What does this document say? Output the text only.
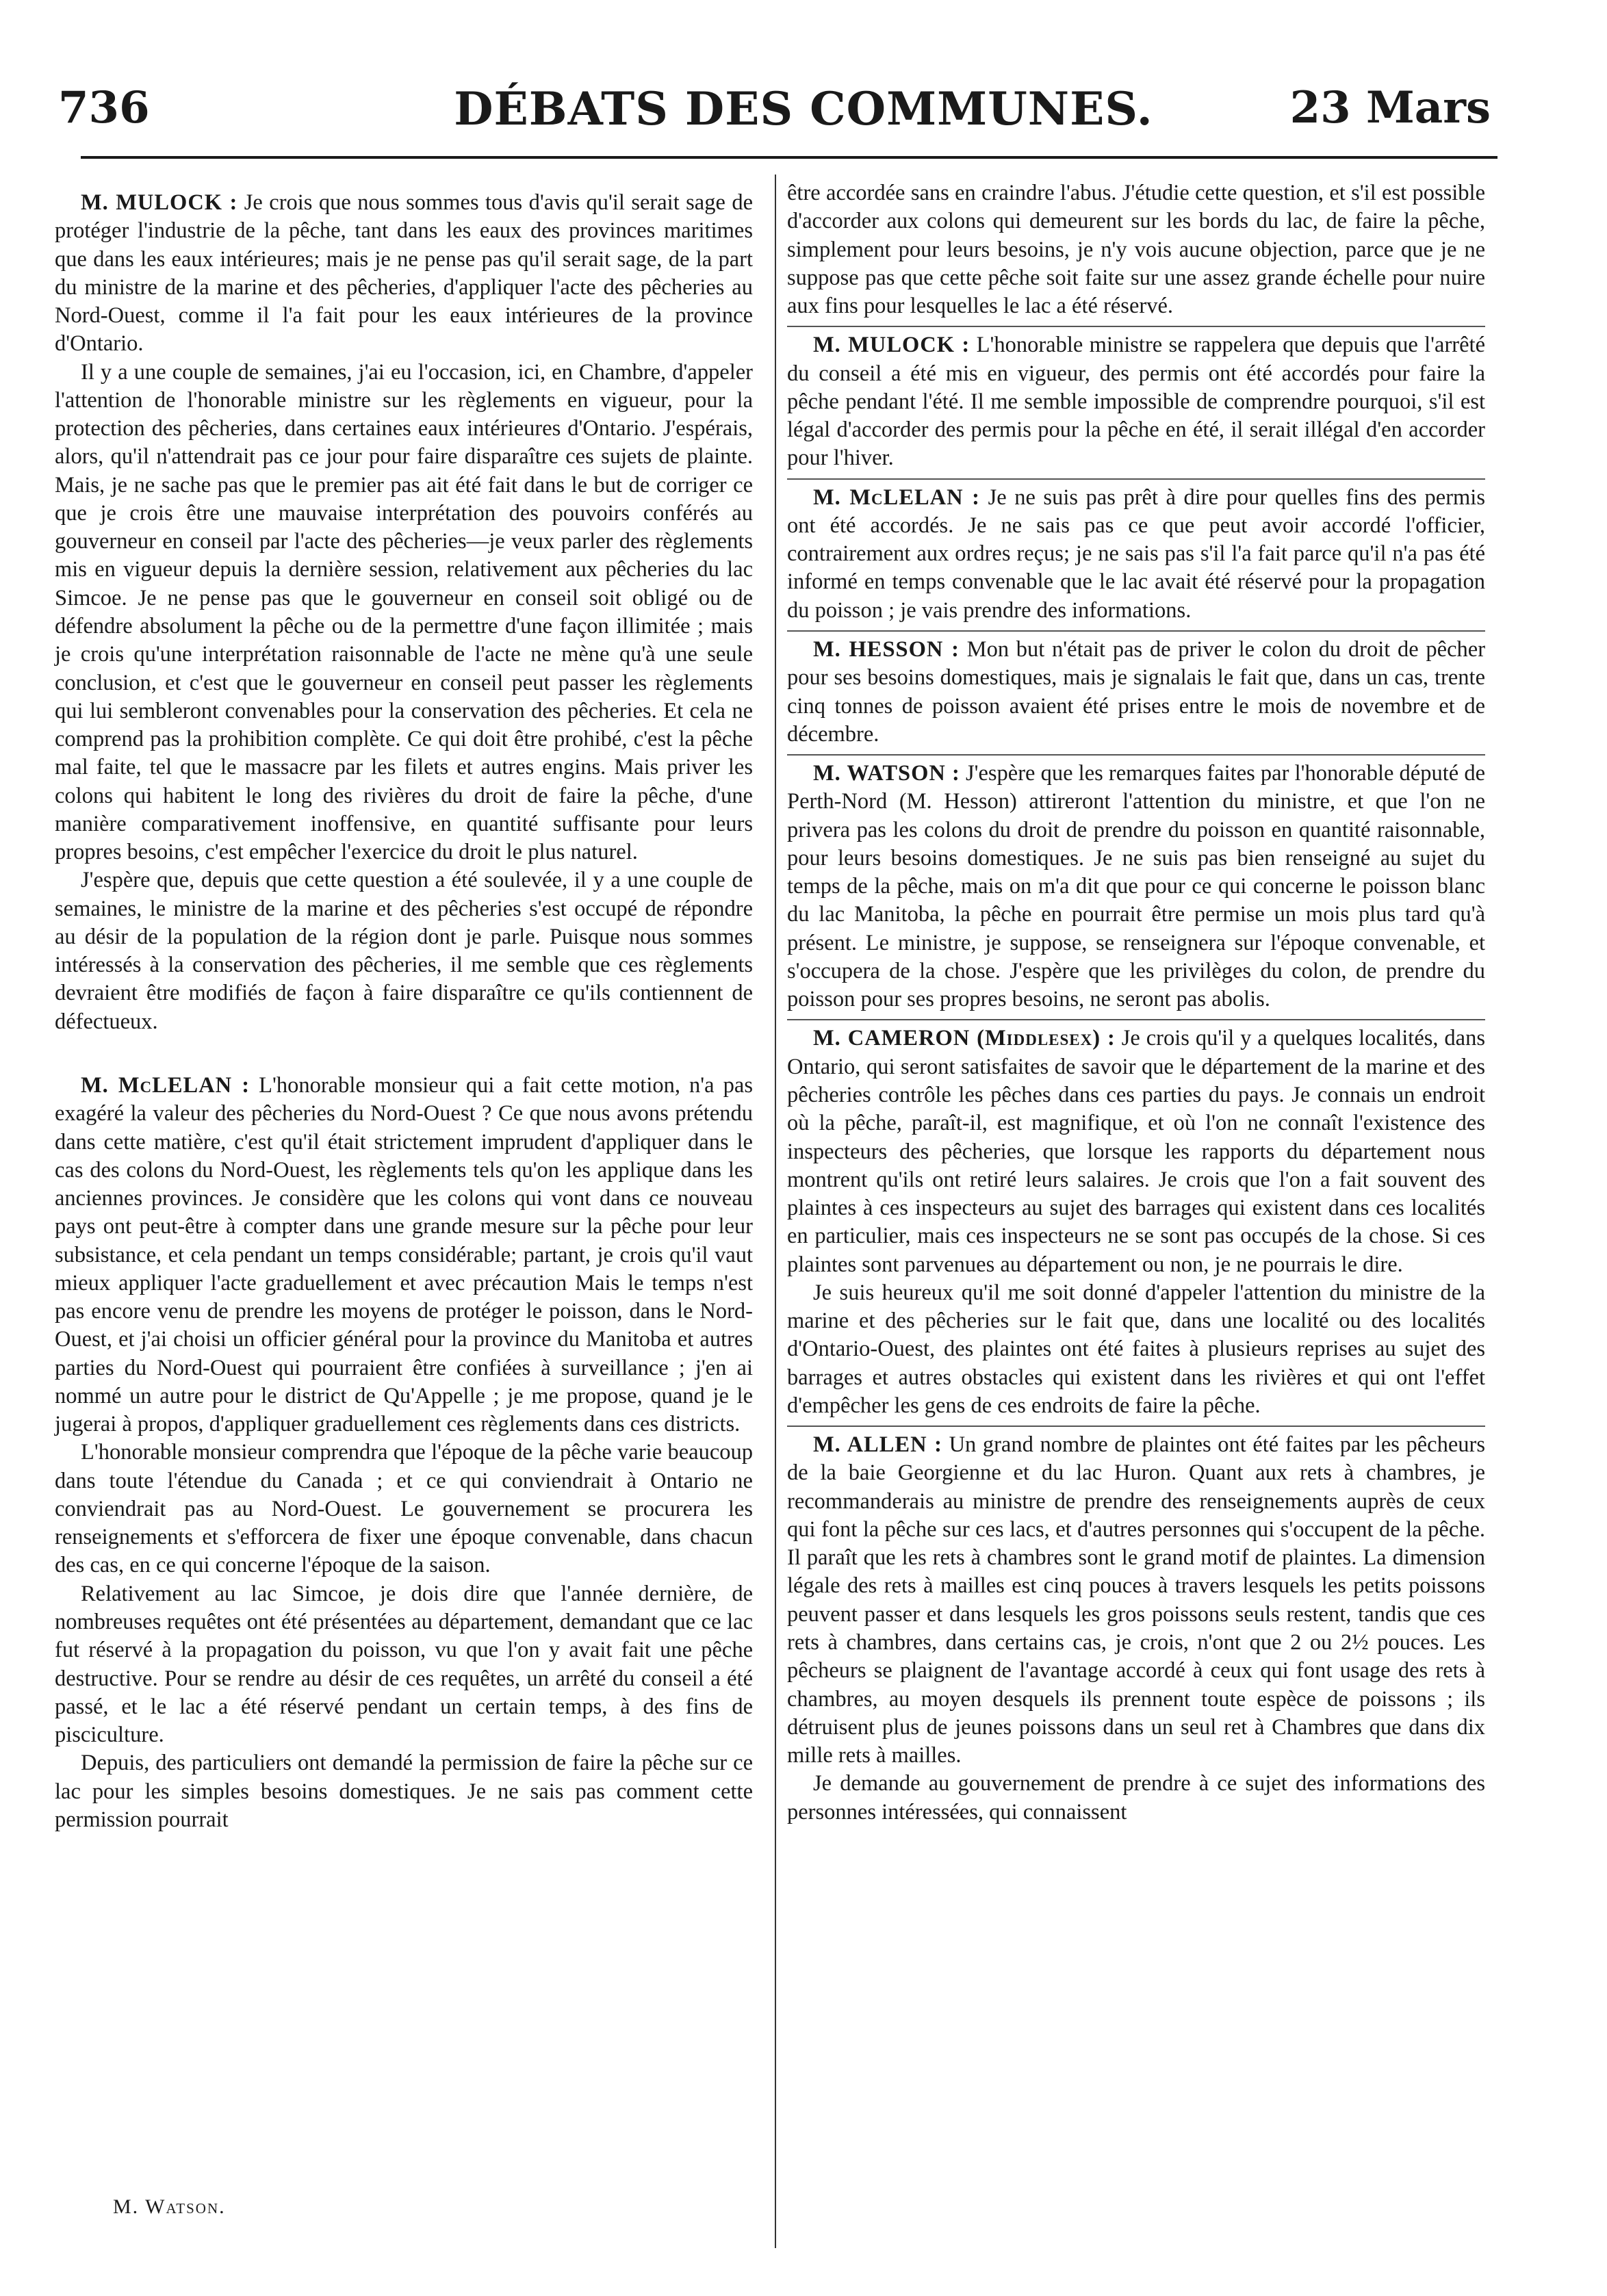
736	DÉBATS DES COMMUNES.	23 Mars

M. MULOCK : Je crois que nous sommes tous d'avis qu'il serait sage de protéger l'industrie de la pêche, tant dans les eaux des provinces maritimes que dans les eaux intérieures; mais je ne pense pas qu'il serait sage, de la part du ministre de la marine et des pêcheries, d'appliquer l'acte des pêcheries au Nord-Ouest, comme il l'a fait pour les eaux intérieures de la province d'Ontario.

Il y a une couple de semaines, j'ai eu l'occasion, ici, en Chambre, d'appeler l'attention de l'honorable ministre sur les règlements en vigueur, pour la protection des pêcheries, dans certaines eaux intérieures d'Ontario. J'espérais, alors, qu'il n'attendrait pas ce jour pour faire disparaître ces sujets de plainte. Mais, je ne sache pas que le premier pas ait été fait dans le but de corriger ce que je crois être une mauvaise interprétation des pouvoirs conférés au gouverneur en conseil par l'acte des pêcheries—je veux parler des règlements mis en vigueur depuis la dernière session, relativement aux pêcheries du lac Simcoe. Je ne pense pas que le gouverneur en conseil soit obligé ou de défendre absolument la pêche ou de la permettre d'une façon illimitée ; mais je crois qu'une interprétation raisonnable de l'acte ne mène qu'à une seule conclusion, et c'est que le gouverneur en conseil peut passer les règlements qui lui sembleront convenables pour la conservation des pêcheries. Et cela ne comprend pas la prohibition complète. Ce qui doit être prohibé, c'est la pêche mal faite, tel que le massacre par les filets et autres engins. Mais priver les colons qui habitent le long des rivières du droit de faire la pêche, d'une manière comparativement inoffensive, en quantité suffisante pour leurs propres besoins, c'est empêcher l'exercice du droit le plus naturel.

J'espère que, depuis que cette question a été soulevée, il y a une couple de semaines, le ministre de la marine et des pêcheries s'est occupé de répondre au désir de la population de la région dont je parle. Puisque nous sommes intéressés à la conservation des pêcheries, il me semble que ces règlements devraient être modifiés de façon à faire disparaître ce qu'ils contiennent de défectueux.

M. McLELAN : L'honorable monsieur qui a fait cette motion, n'a pas exagéré la valeur des pêcheries du Nord-Ouest ? Ce que nous avons prétendu dans cette matière, c'est qu'il était strictement imprudent d'appliquer dans le cas des colons du Nord-Ouest, les règlements tels qu'on les applique dans les anciennes provinces. Je considère que les colons qui vont dans ce nouveau pays ont peut-être à compter dans une grande mesure sur la pêche pour leur subsistance, et cela pendant un temps considérable; partant, je crois qu'il vaut mieux appliquer l'acte graduellement et avec précaution Mais le temps n'est pas encore venu de prendre les moyens de protéger le poisson, dans le Nord-Ouest, et j'ai choisi un officier général pour la province du Manitoba et autres parties du Nord-Ouest qui pourraient être confiées à surveillance ; j'en ai nommé un autre pour le district de Qu'Appelle ; je me propose, quand je le jugerai à propos, d'appliquer graduellement ces règlements dans ces districts.

L'honorable monsieur comprendra que l'époque de la pêche varie beaucoup dans toute l'étendue du Canada ; et ce qui conviendrait à Ontario ne conviendrait pas au Nord-Ouest. Le gouvernement se procurera les renseignements et s'efforcera de fixer une époque convenable, dans chacun des cas, en ce qui concerne l'époque de la saison.

Relativement au lac Simcoe, je dois dire que l'année dernière, de nombreuses requêtes ont été présentées au département, demandant que ce lac fut réservé à la propagation du poisson, vu que l'on y avait fait une pêche destructive. Pour se rendre au désir de ces requêtes, un arrêté du conseil a été passé, et le lac a été réservé pendant un certain temps, à des fins de pisciculture.

Depuis, des particuliers ont demandé la permission de faire la pêche sur ce lac pour les simples besoins domestiques. Je ne sais pas comment cette permission pourrait

être accordée sans en craindre l'abus. J'étudie cette question, et s'il est possible d'accorder aux colons qui demeurent sur les bords du lac, de faire la pêche, simplement pour leurs besoins, je n'y vois aucune objection, parce que je ne suppose pas que cette pêche soit faite sur une assez grande échelle pour nuire aux fins pour lesquelles le lac a été réservé.

M. MULOCK : L'honorable ministre se rappelera que depuis que l'arrêté du conseil a été mis en vigueur, des permis ont été accordés pour faire la pêche pendant l'été. Il me semble impossible de comprendre pourquoi, s'il est légal d'accorder des permis pour la pêche en été, il serait illégal d'en accorder pour l'hiver.

M. McLELAN : Je ne suis pas prêt à dire pour quelles fins des permis ont été accordés. Je ne sais pas ce que peut avoir accordé l'officier, contrairement aux ordres reçus; je ne sais pas s'il l'a fait parce qu'il n'a pas été informé en temps convenable que le lac avait été réservé pour la propagation du poisson ; je vais prendre des informations.

M. HESSON : Mon but n'était pas de priver le colon du droit de pêcher pour ses besoins domestiques, mais je signalais le fait que, dans un cas, trente cinq tonnes de poisson avaient été prises entre le mois de novembre et de décembre.

M. WATSON : J'espère que les remarques faites par l'honorable député de Perth-Nord (M. Hesson) attireront l'attention du ministre, et que l'on ne privera pas les colons du droit de prendre du poisson en quantité raisonnable, pour leurs besoins domestiques. Je ne suis pas bien renseigné au sujet du temps de la pêche, mais on m'a dit que pour ce qui concerne le poisson blanc du lac Manitoba, la pêche en pourrait être permise un mois plus tard qu'à présent. Le ministre, je suppose, se renseignera sur l'époque convenable, et s'occupera de la chose. J'espère que les privilèges du colon, de prendre du poisson pour ses propres besoins, ne seront pas abolis.

M. CAMERON (Middlesex) : Je crois qu'il y a quelques localités, dans Ontario, qui seront satisfaites de savoir que le département de la marine et des pêcheries contrôle les pêches dans ces parties du pays. Je connais un endroit où la pêche, paraît-il, est magnifique, et où l'on ne connaît l'existence des inspecteurs des pêcheries, que lorsque les rapports du département nous montrent qu'ils ont retiré leurs salaires. Je crois que l'on a fait souvent des plaintes à ces inspecteurs au sujet des barrages qui existent dans ces localités en particulier, mais ces inspecteurs ne se sont pas occupés de la chose. Si ces plaintes sont parvenues au département ou non, je ne pourrais le dire.

Je suis heureux qu'il me soit donné d'appeler l'attention du ministre de la marine et des pêcheries sur le fait que, dans une localité ou des localités d'Ontario-Ouest, des plaintes ont été faites à plusieurs reprises au sujet des barrages et autres obstacles qui existent dans les rivières et qui ont l'effet d'empêcher les gens de ces endroits de faire la pêche.

M. ALLEN : Un grand nombre de plaintes ont été faites par les pêcheurs de la baie Georgienne et du lac Huron. Quant aux rets à chambres, je recommanderais au ministre de prendre des renseignements auprès de ceux qui font la pêche sur ces lacs, et d'autres personnes qui s'occupent de la pêche. Il paraît que les rets à chambres sont le grand motif de plaintes. La dimension légale des rets à mailles est cinq pouces à travers lesquels les petits poissons peuvent passer et dans lesquels les gros poissons seuls restent, tandis que ces rets à chambres, dans certains cas, je crois, n'ont que 2 ou 2½ pouces. Les pêcheurs se plaignent de l'avantage accordé à ceux qui font usage des rets à chambres, au moyen desquels ils prennent toute espèce de poissons ; ils détruisent plus de jeunes poissons dans un seul ret à Chambres que dans dix mille rets à mailles.

Je demande au gouvernement de prendre à ce sujet des informations des personnes intéressées, qui connaissent

M. Watson.
